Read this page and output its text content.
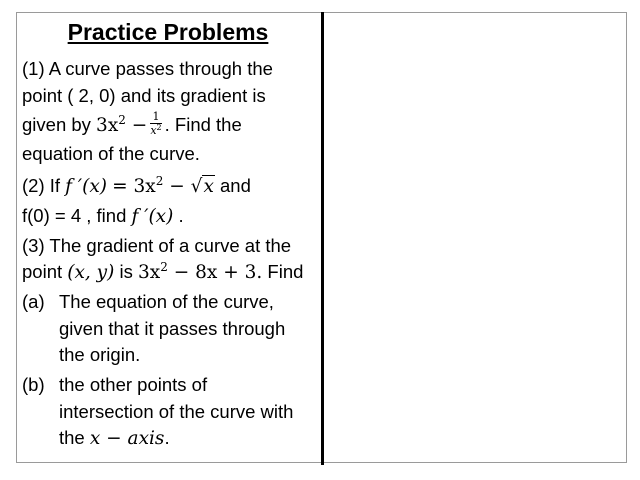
Practice Problems
(1) A curve passes through the
point ( 2, 0) and its gradient is
given by $3x^2 - \frac{1}{x^2}$ . Find the
equation of the curve.
(2) If f $'(x) = 3x^2 - √x$ and
f(0) = 4 , find f ′(x) .
(3) The gradient of a curve at the
point (x, y) is $3x^2 - 8x + 3$. Find
(a) The equation of the curve,
given that it passes through
the origin.
(b) the other points of
intersection of the curve with
the x − axis.
